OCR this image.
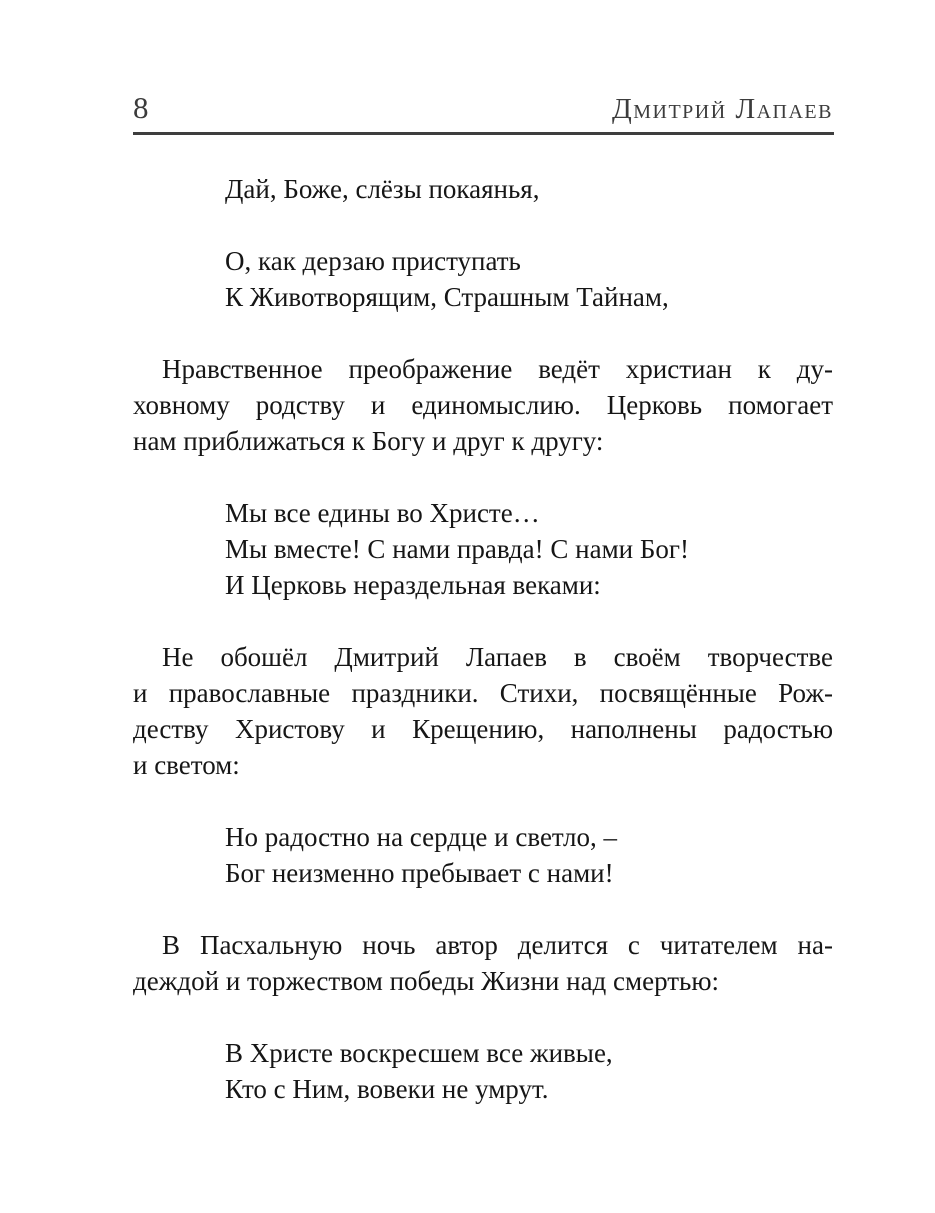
8	Дмитрий Лапаев
Дай, Боже, слёзы покаянья,
О, как дерзаю приступать
К Животворящим, Страшным Тайнам,
Нравственное преображение ведёт христиан к ду-
ховному родству и единомыслию. Церковь помогает
нам приближаться к Богу и друг к другу:
Мы все едины во Христе…
Мы вместе! С нами правда! С нами Бог!
И Церковь нераздельная веками:
Не обошёл Дмитрий Лапаев в своём творчестве
и православные праздники. Стихи, посвящённые Рож-
деству Христову и Крещению, наполнены радостью
и светом:
Но радостно на сердце и светло, –
Бог неизменно пребывает с нами!
В Пасхальную ночь автор делится с читателем на-
деждой и торжеством победы Жизни над смертью:
В Христе воскресшем все живые,
Кто с Ним, вовеки не умрут.
